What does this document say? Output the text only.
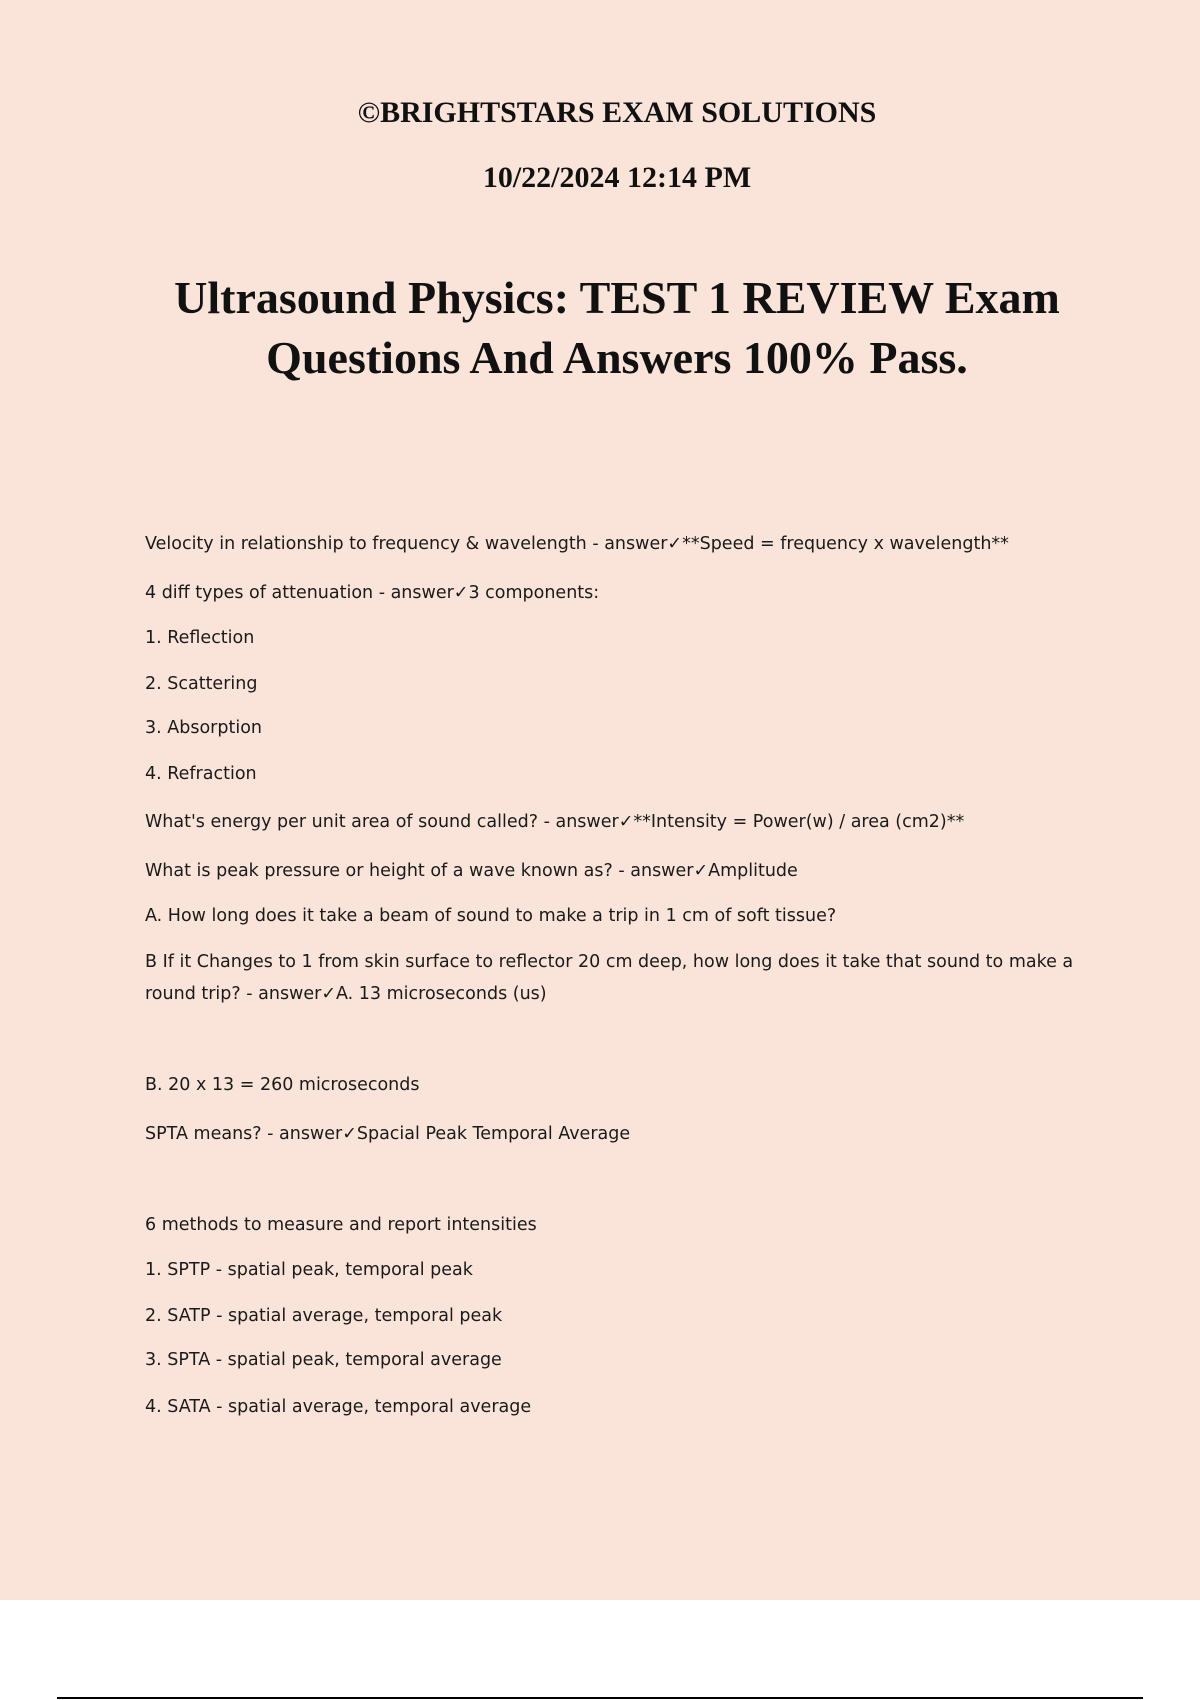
©BRIGHTSTARS EXAM SOLUTIONS
10/22/2024 12:14 PM
Ultrasound Physics: TEST 1 REVIEW Exam Questions And Answers 100% Pass.

Velocity in relationship to frequency & wavelength - answer✓**Speed = frequency x wavelength**

4 diff types of attenuation - answer✓3 components:

1. Reflection

2. Scattering

3. Absorption

4. Refraction

What's energy per unit area of sound called? - answer✓**Intensity = Power(w) / area (cm2)**

What is peak pressure or height of a wave known as? - answer✓Amplitude

A. How long does it take a beam of sound to make a trip in 1 cm of soft tissue?

B If it Changes to 1 from skin surface to reflector 20 cm deep, how long does it take that sound to make a round trip? - answer✓A. 13 microseconds (us)

B. 20 x 13 = 260 microseconds

SPTA means? - answer✓Spacial Peak Temporal Average

6 methods to measure and report intensities

1. SPTP - spatial peak, temporal peak

2. SATP - spatial average, temporal peak

3. SPTA - spatial peak, temporal average

4. SATA - spatial average, temporal average
